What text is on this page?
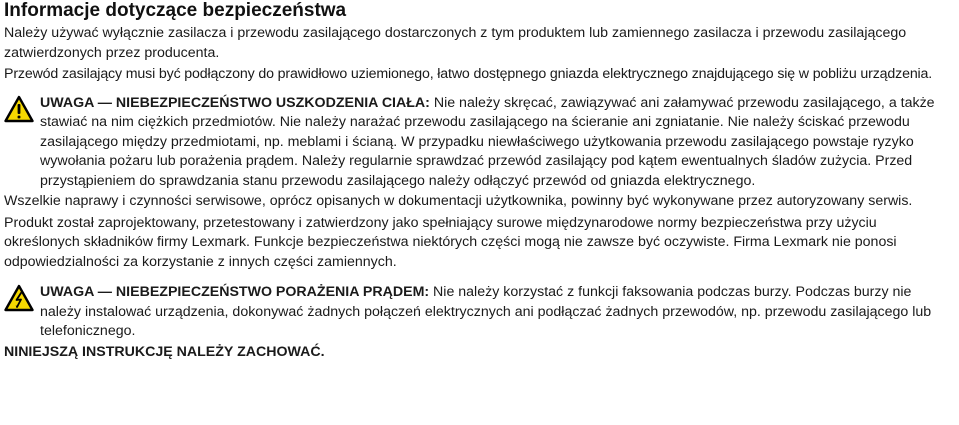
Informacje dotyczące bezpieczeństwa

Należy używać wyłącznie zasilacza i przewodu zasilającego dostarczonych z tym produktem lub zamiennego zasilacza i przewodu zasilającego zatwierdzonych przez producenta.

Przewód zasilający musi być podłączony do prawidłowo uziemionego, łatwo dostępnego gniazda elektrycznego znajdującego się w pobliżu urządzenia.

UWAGA — NIEBEZPIECZEŃSTWO USZKODZENIA CIAŁA: Nie należy skręcać, zawiązywać ani załamywać przewodu zasilającego, a także stawiać na nim ciężkich przedmiotów. Nie należy narażać przewodu zasilającego na ścieranie ani zgniatanie. Nie należy ściskać przewodu zasilającego między przedmiotami, np. meblami i ścianą. W przypadku niewłaściwego użytkowania przewodu zasilającego powstaje ryzyko wywołania pożaru lub porażenia prądem. Należy regularnie sprawdzać przewód zasilający pod kątem ewentualnych śladów zużycia. Przed przystąpieniem do sprawdzania stanu przewodu zasilającego należy odłączyć przewód od gniazda elektrycznego.

Wszelkie naprawy i czynności serwisowe, oprócz opisanych w dokumentacji użytkownika, powinny być wykonywane przez autoryzowany serwis.

Produkt został zaprojektowany, przetestowany i zatwierdzony jako spełniający surowe międzynarodowe normy bezpieczeństwa przy użyciu określonych składników firmy Lexmark. Funkcje bezpieczeństwa niektórych części mogą nie zawsze być oczywiste. Firma Lexmark nie ponosi odpowiedzialności za korzystanie z innych części zamiennych.

UWAGA — NIEBEZPIECZEŃSTWO PORAŻENIA PRĄDEM: Nie należy korzystać z funkcji faksowania podczas burzy. Podczas burzy nie należy instalować urządzenia, dokonywać żadnych połączeń elektrycznych ani podłączać żadnych przewodów, np. przewodu zasilającego lub telefonicznego.
NINIEJSZĄ INSTRUKCJĘ NALEŻY ZACHOWAĆ.
